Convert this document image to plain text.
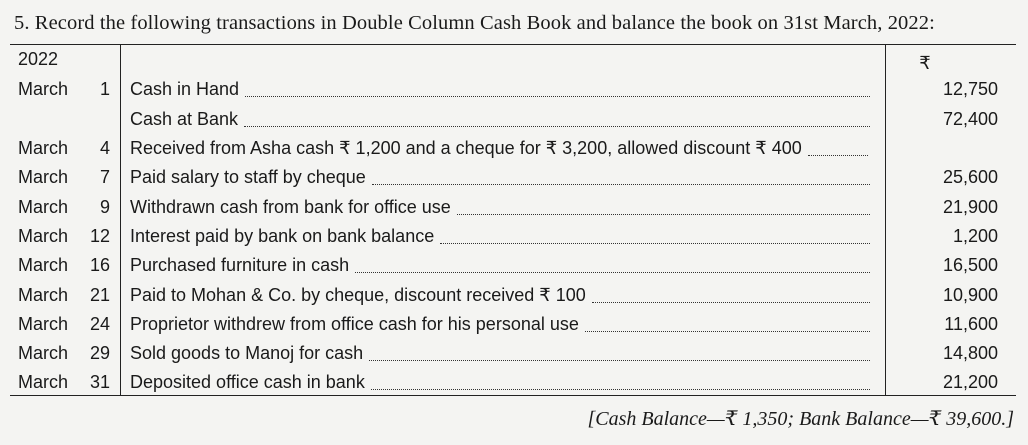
5. Record the following transactions in Double Column Cash Book and balance the book on 31st March, 2022:
2022	₹
March	1 Cash in Hand	12,750
Cash at Bank	72,400
March	4 Received from Asha cash ₹ 1,200 and a cheque for ₹ 3,200, allowed discount ₹ 400
March	7 Paid salary to staff by cheque	25,600
March	9 Withdrawn cash from bank for office use	21,900
March	12 Interest paid by bank on bank balance	1,200
March	16 Purchased furniture in cash	16,500
March	21 Paid to Mohan & Co. by cheque, discount received ₹ 100	10,900
March	24 Proprietor withdrew from office cash for his personal use	11,600
March	29 Sold goods to Manoj for cash	14,800
March	31 Deposited office cash in bank	21,200
[Cash Balance—₹ 1,350; Bank Balance—₹ 39,600.]
